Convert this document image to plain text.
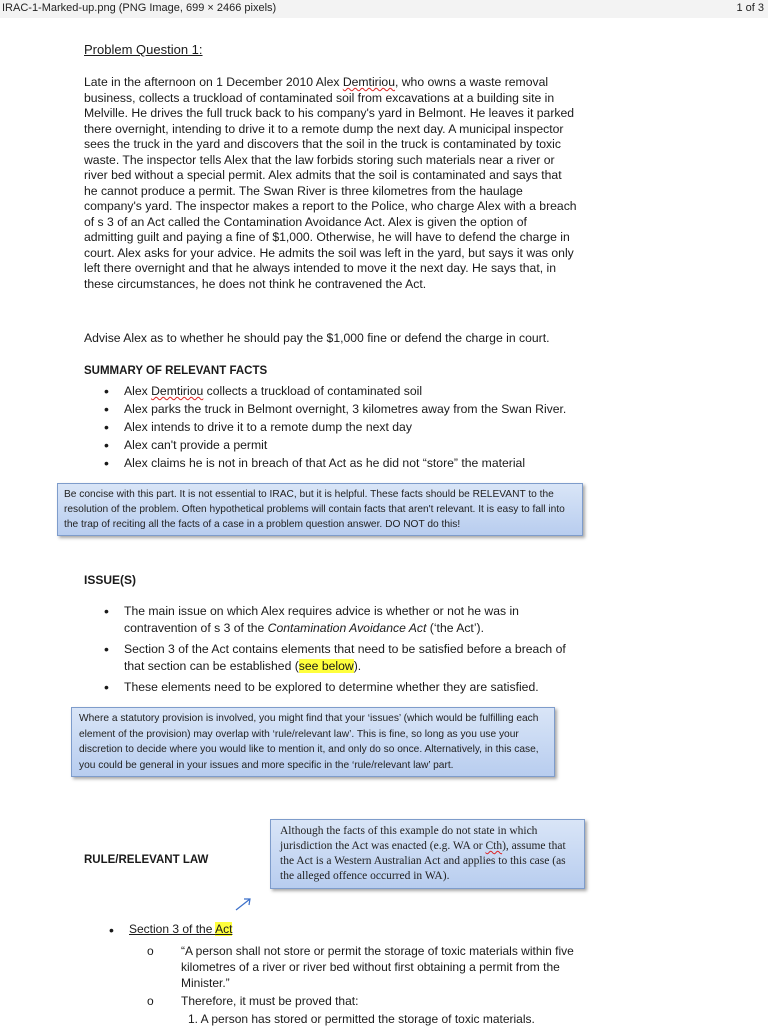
IRAC-1-Marked-up.png (PNG Image, 699 × 2466 pixels)	1 of 3
Problem Question 1:
Late in the afternoon on 1 December 2010 Alex Demtiriou, who owns a waste removal
business, collects a truckload of contaminated soil from excavations at a building site in
Melville. He drives the full truck back to his company's yard in Belmont. He leaves it parked
there overnight, intending to drive it to a remote dump the next day. A municipal inspector
sees the truck in the yard and discovers that the soil in the truck is contaminated by toxic
waste. The inspector tells Alex that the law forbids storing such materials near a river or
river bed without a special permit. Alex admits that the soil is contaminated and says that
he cannot produce a permit. The Swan River is three kilometres from the haulage
company's yard. The inspector makes a report to the Police, who charge Alex with a breach
of s 3 of an Act called the Contamination Avoidance Act. Alex is given the option of
admitting guilt and paying a fine of $1,000. Otherwise, he will have to defend the charge in
court. Alex asks for your advice. He admits the soil was left in the yard, but says it was only
left there overnight and that he always intended to move it the next day. He says that, in
these circumstances, he does not think he contravened the Act.
Advise Alex as to whether he should pay the $1,000 fine or defend the charge in court.
SUMMARY OF RELEVANT FACTS
• Alex Demtiriou collects a truckload of contaminated soil
• Alex parks the truck in Belmont overnight, 3 kilometres away from the Swan River.
• Alex intends to drive it to a remote dump the next day
• Alex can't provide a permit
• Alex claims he is not in breach of that Act as he did not “store” the material
Be concise with this part. It is not essential to IRAC, but it is helpful. These facts should be RELEVANT to the resolution of the problem. Often hypothetical problems will contain facts that aren't relevant. It is easy to fall into the trap of reciting all the facts of a case in a problem question answer. DO NOT do this!
ISSUE(S)
• The main issue on which Alex requires advice is whether or not he was in contravention of s 3 of the Contamination Avoidance Act (‘the Act’).
• Section 3 of the Act contains elements that need to be satisfied before a breach of that section can be established (see below).
• These elements need to be explored to determine whether they are satisfied.
Where a statutory provision is involved, you might find that your ‘issues’ (which would be fulfilling each element of the provision) may overlap with ‘rule/relevant law’. This is fine, so long as you use your discretion to decide where you would like to mention it, and only do so once. Alternatively, in this case, you could be general in your issues and more specific in the ‘rule/relevant law’ part.
Although the facts of this example do not state in which jurisdiction the Act was enacted (e.g. WA or Cth), assume that the Act is a Western Australian Act and applies to this case (as the alleged offence occurred in WA).
RULE/RELEVANT LAW
• Section 3 of the Act
o “A person shall not store or permit the storage of toxic materials within five kilometres of a river or river bed without first obtaining a permit from the Minister.”
o Therefore, it must be proved that:
1. A person has stored or permitted the storage of toxic materials.
